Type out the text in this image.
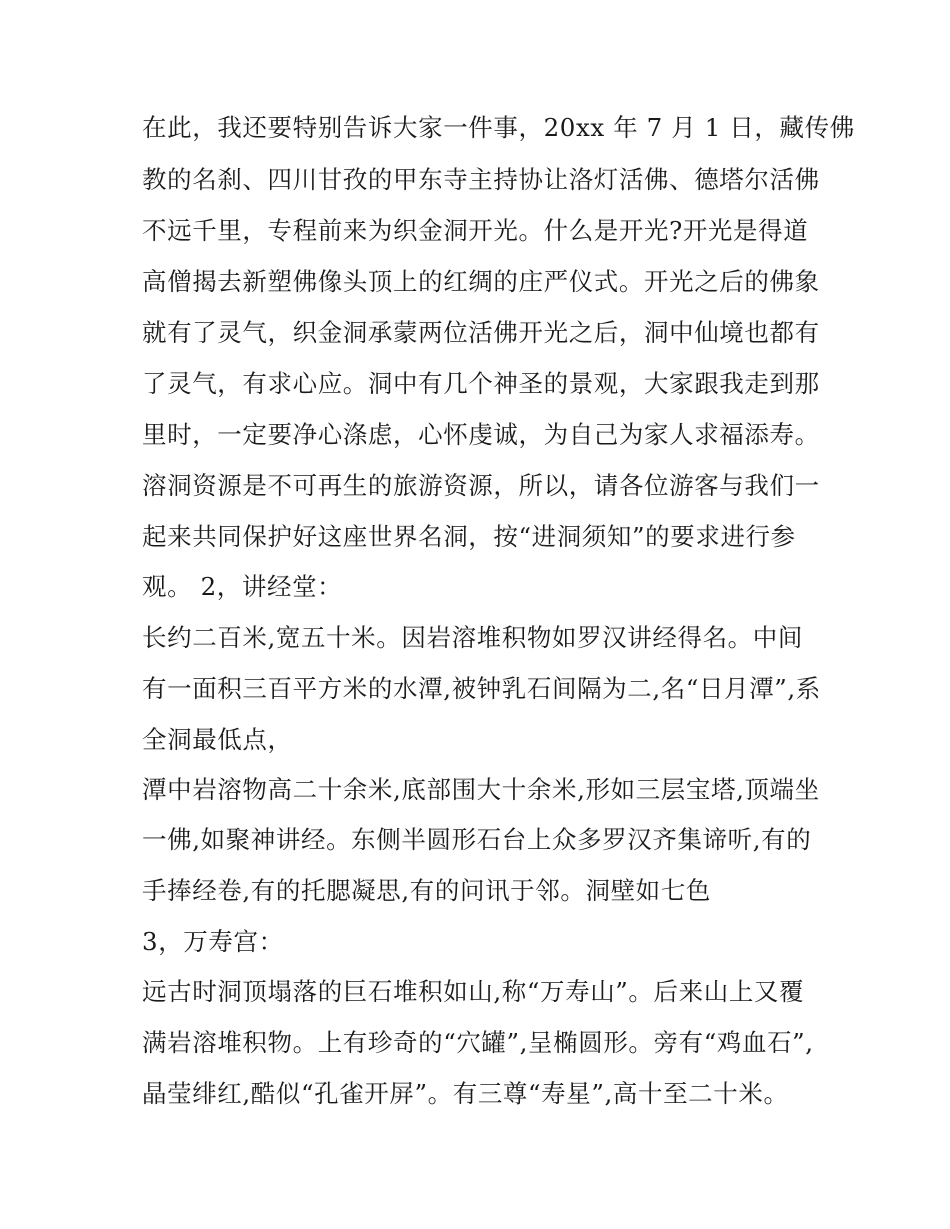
在此，我还要特别告诉大家一件事，20xx 年 7 月 1 日，藏传佛
教的名刹、四川甘孜的甲东寺主持协让洛灯活佛、德塔尔活佛
不远千里，专程前来为织金洞开光。什么是开光?开光是得道
高僧揭去新塑佛像头顶上的红绸的庄严仪式。开光之后的佛象
就有了灵气，织金洞承蒙两位活佛开光之后，洞中仙境也都有
了灵气，有求心应。洞中有几个神圣的景观，大家跟我走到那
里时，一定要净心涤虑，心怀虔诚，为自己为家人求福添寿。
溶洞资源是不可再生的旅游资源，所以，请各位游客与我们一
起来共同保护好这座世界名洞，按“进洞须知”的要求进行参
观。 2，讲经堂：
长约二百米,宽五十米。因岩溶堆积物如罗汉讲经得名。中间
有一面积三百平方米的水潭,被钟乳石间隔为二,名“日月潭”,系
全洞最低点，
潭中岩溶物高二十余米,底部围大十余米,形如三层宝塔,顶端坐
一佛,如聚神讲经。东侧半圆形石台上众多罗汉齐集谛听,有的
手捧经卷,有的托腮凝思,有的问讯于邻。洞壁如七色
3，万寿宫：
远古时洞顶塌落的巨石堆积如山,称“万寿山”。后来山上又覆
满岩溶堆积物。上有珍奇的“穴罐”,呈椭圆形。旁有“鸡血石”,
晶莹绯红,酷似“孔雀开屏”。有三尊“寿星”,高十至二十米。
